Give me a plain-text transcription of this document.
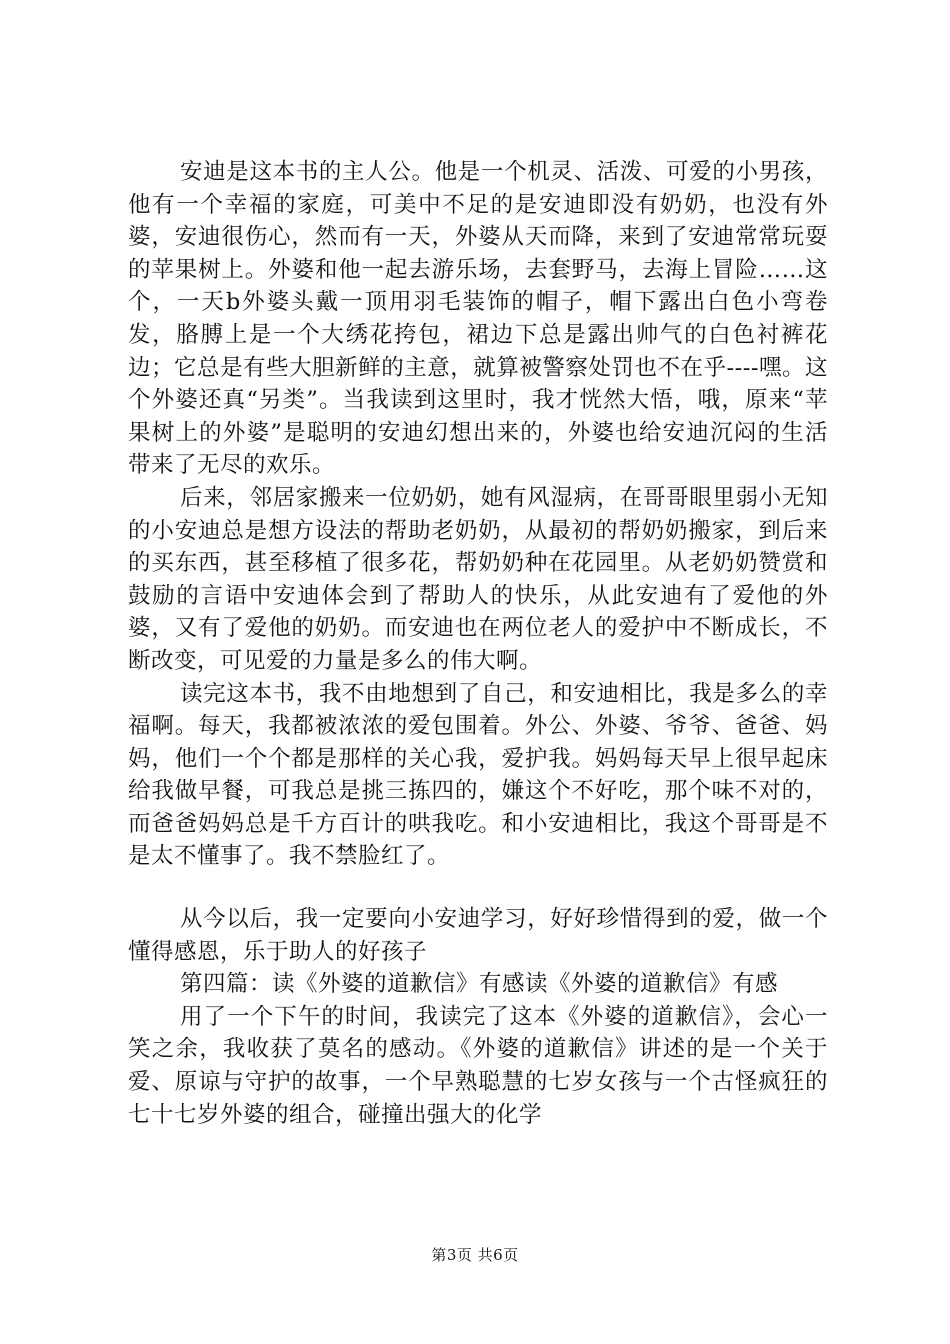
安迪是这本书的主人公。他是一个机灵、活泼、可爱的小男孩，他有一个幸福的家庭，可美中不足的是安迪即没有奶奶，也没有外婆，安迪很伤心，然而有一天，外婆从天而降，来到了安迪常常玩耍的苹果树上。外婆和他一起去游乐场，去套野马，去海上冒险……这个，一天b外婆头戴一顶用羽毛装饰的帽子，帽下露出白色小弯卷发，胳膊上是一个大绣花挎包，裙边下总是露出帅气的白色衬裤花边；它总是有些大胆新鲜的主意，就算被警察处罚也不在乎----嘿。这个外婆还真“另类”。当我读到这里时，我才恍然大悟，哦，原来“苹果树上的外婆”是聪明的安迪幻想出来的，外婆也给安迪沉闷的生活带来了无尽的欢乐。

后来，邻居家搬来一位奶奶，她有风湿病，在哥哥眼里弱小无知的小安迪总是想方设法的帮助老奶奶，从最初的帮奶奶搬家，到后来的买东西，甚至移植了很多花，帮奶奶种在花园里。从老奶奶赞赏和鼓励的言语中安迪体会到了帮助人的快乐，从此安迪有了爱他的外婆，又有了爱他的奶奶。而安迪也在两位老人的爱护中不断成长，不断改变，可见爱的力量是多么的伟大啊。

读完这本书，我不由地想到了自己，和安迪相比，我是多么的幸福啊。每天，我都被浓浓的爱包围着。外公、外婆、爷爷、爸爸、妈妈，他们一个个都是那样的关心我，爱护我。妈妈每天早上很早起床给我做早餐，可我总是挑三拣四的，嫌这个不好吃，那个味不对的，而爸爸妈妈总是千方百计的哄我吃。和小安迪相比，我这个哥哥是不是太不懂事了。我不禁脸红了。

从今以后，我一定要向小安迪学习，好好珍惜得到的爱，做一个懂得感恩，乐于助人的好孩子

第四篇：读《外婆的道歉信》有感读《外婆的道歉信》有感

用了一个下午的时间，我读完了这本《外婆的道歉信》，会心一笑之余，我收获了莫名的感动。《外婆的道歉信》讲述的是一个关于爱、原谅与守护的故事，一个早熟聪慧的七岁女孩与一个古怪疯狂的七十七岁外婆的组合，碰撞出强大的化学

第3页 共6页
